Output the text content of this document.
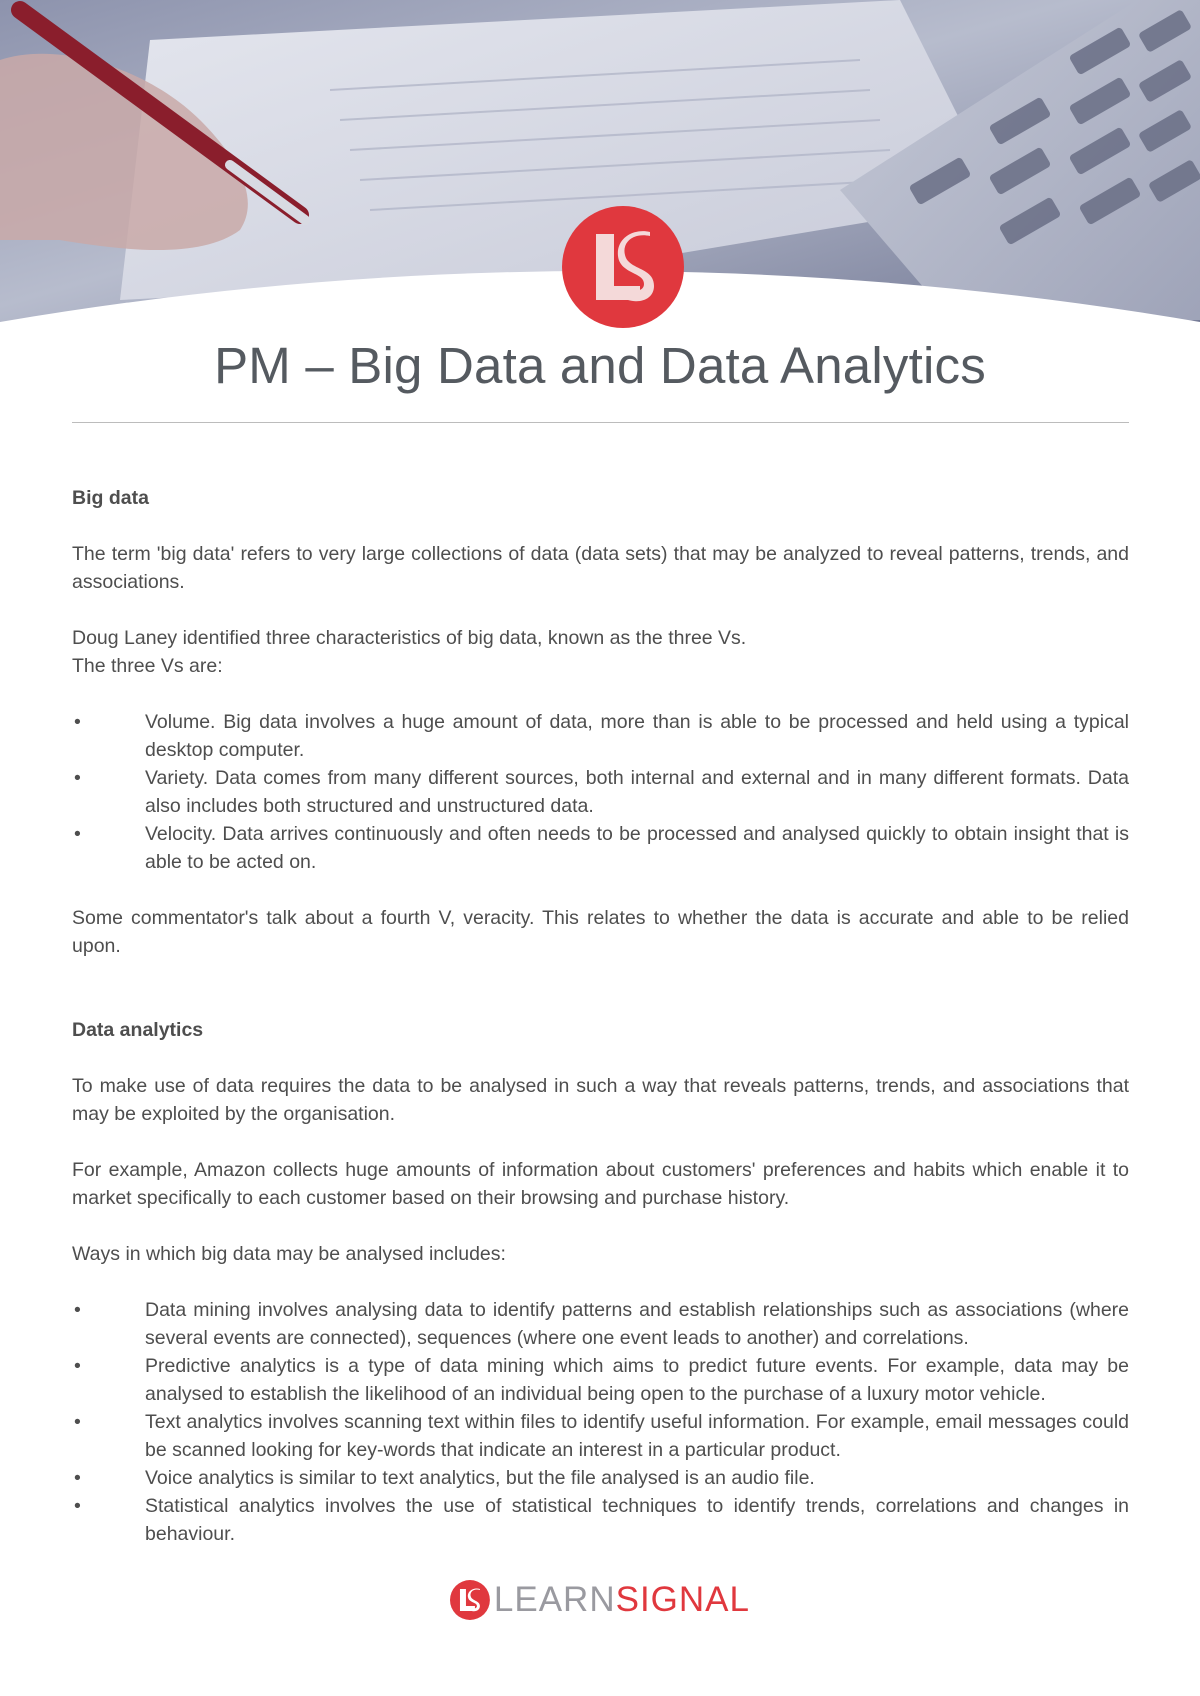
PM – Big Data and Data Analytics
Big data

The term 'big data' refers to very large collections of data (data sets) that may be analyzed to reveal patterns, trends, and associations.

Doug Laney identified three characteristics of big data, known as the three Vs.

The three Vs are:

•	Volume. Big data involves a huge amount of data, more than is able to be processed and held using a typical desktop computer.
•	Variety. Data comes from many different sources, both internal and external and in many different formats. Data also includes both structured and unstructured data.
•	Velocity. Data arrives continuously and often needs to be processed and analysed quickly to obtain insight that is able to be acted on.

Some commentator's talk about a fourth V, veracity. This relates to whether the data is accurate and able to be relied upon.

Data analytics

To make use of data requires the data to be analysed in such a way that reveals patterns, trends, and associations that may be exploited by the organisation.

For example, Amazon collects huge amounts of information about customers' preferences and habits which enable it to market specifically to each customer based on their browsing and purchase history.

Ways in which big data may be analysed includes:

•	Data mining involves analysing data to identify patterns and establish relationships such as associations (where several events are connected), sequences (where one event leads to another) and correlations.
•	Predictive analytics is a type of data mining which aims to predict future events. For example, data may be analysed to establish the likelihood of an individual being open to the purchase of a luxury motor vehicle.
•	Text analytics involves scanning text within files to identify useful information. For example, email messages could be scanned looking for key-words that indicate an interest in a particular product.
•	Voice analytics is similar to text analytics, but the file analysed is an audio file.
•	Statistical analytics involves the use of statistical techniques to identify trends, correlations and changes in behaviour.
LEARNSIGNAL
